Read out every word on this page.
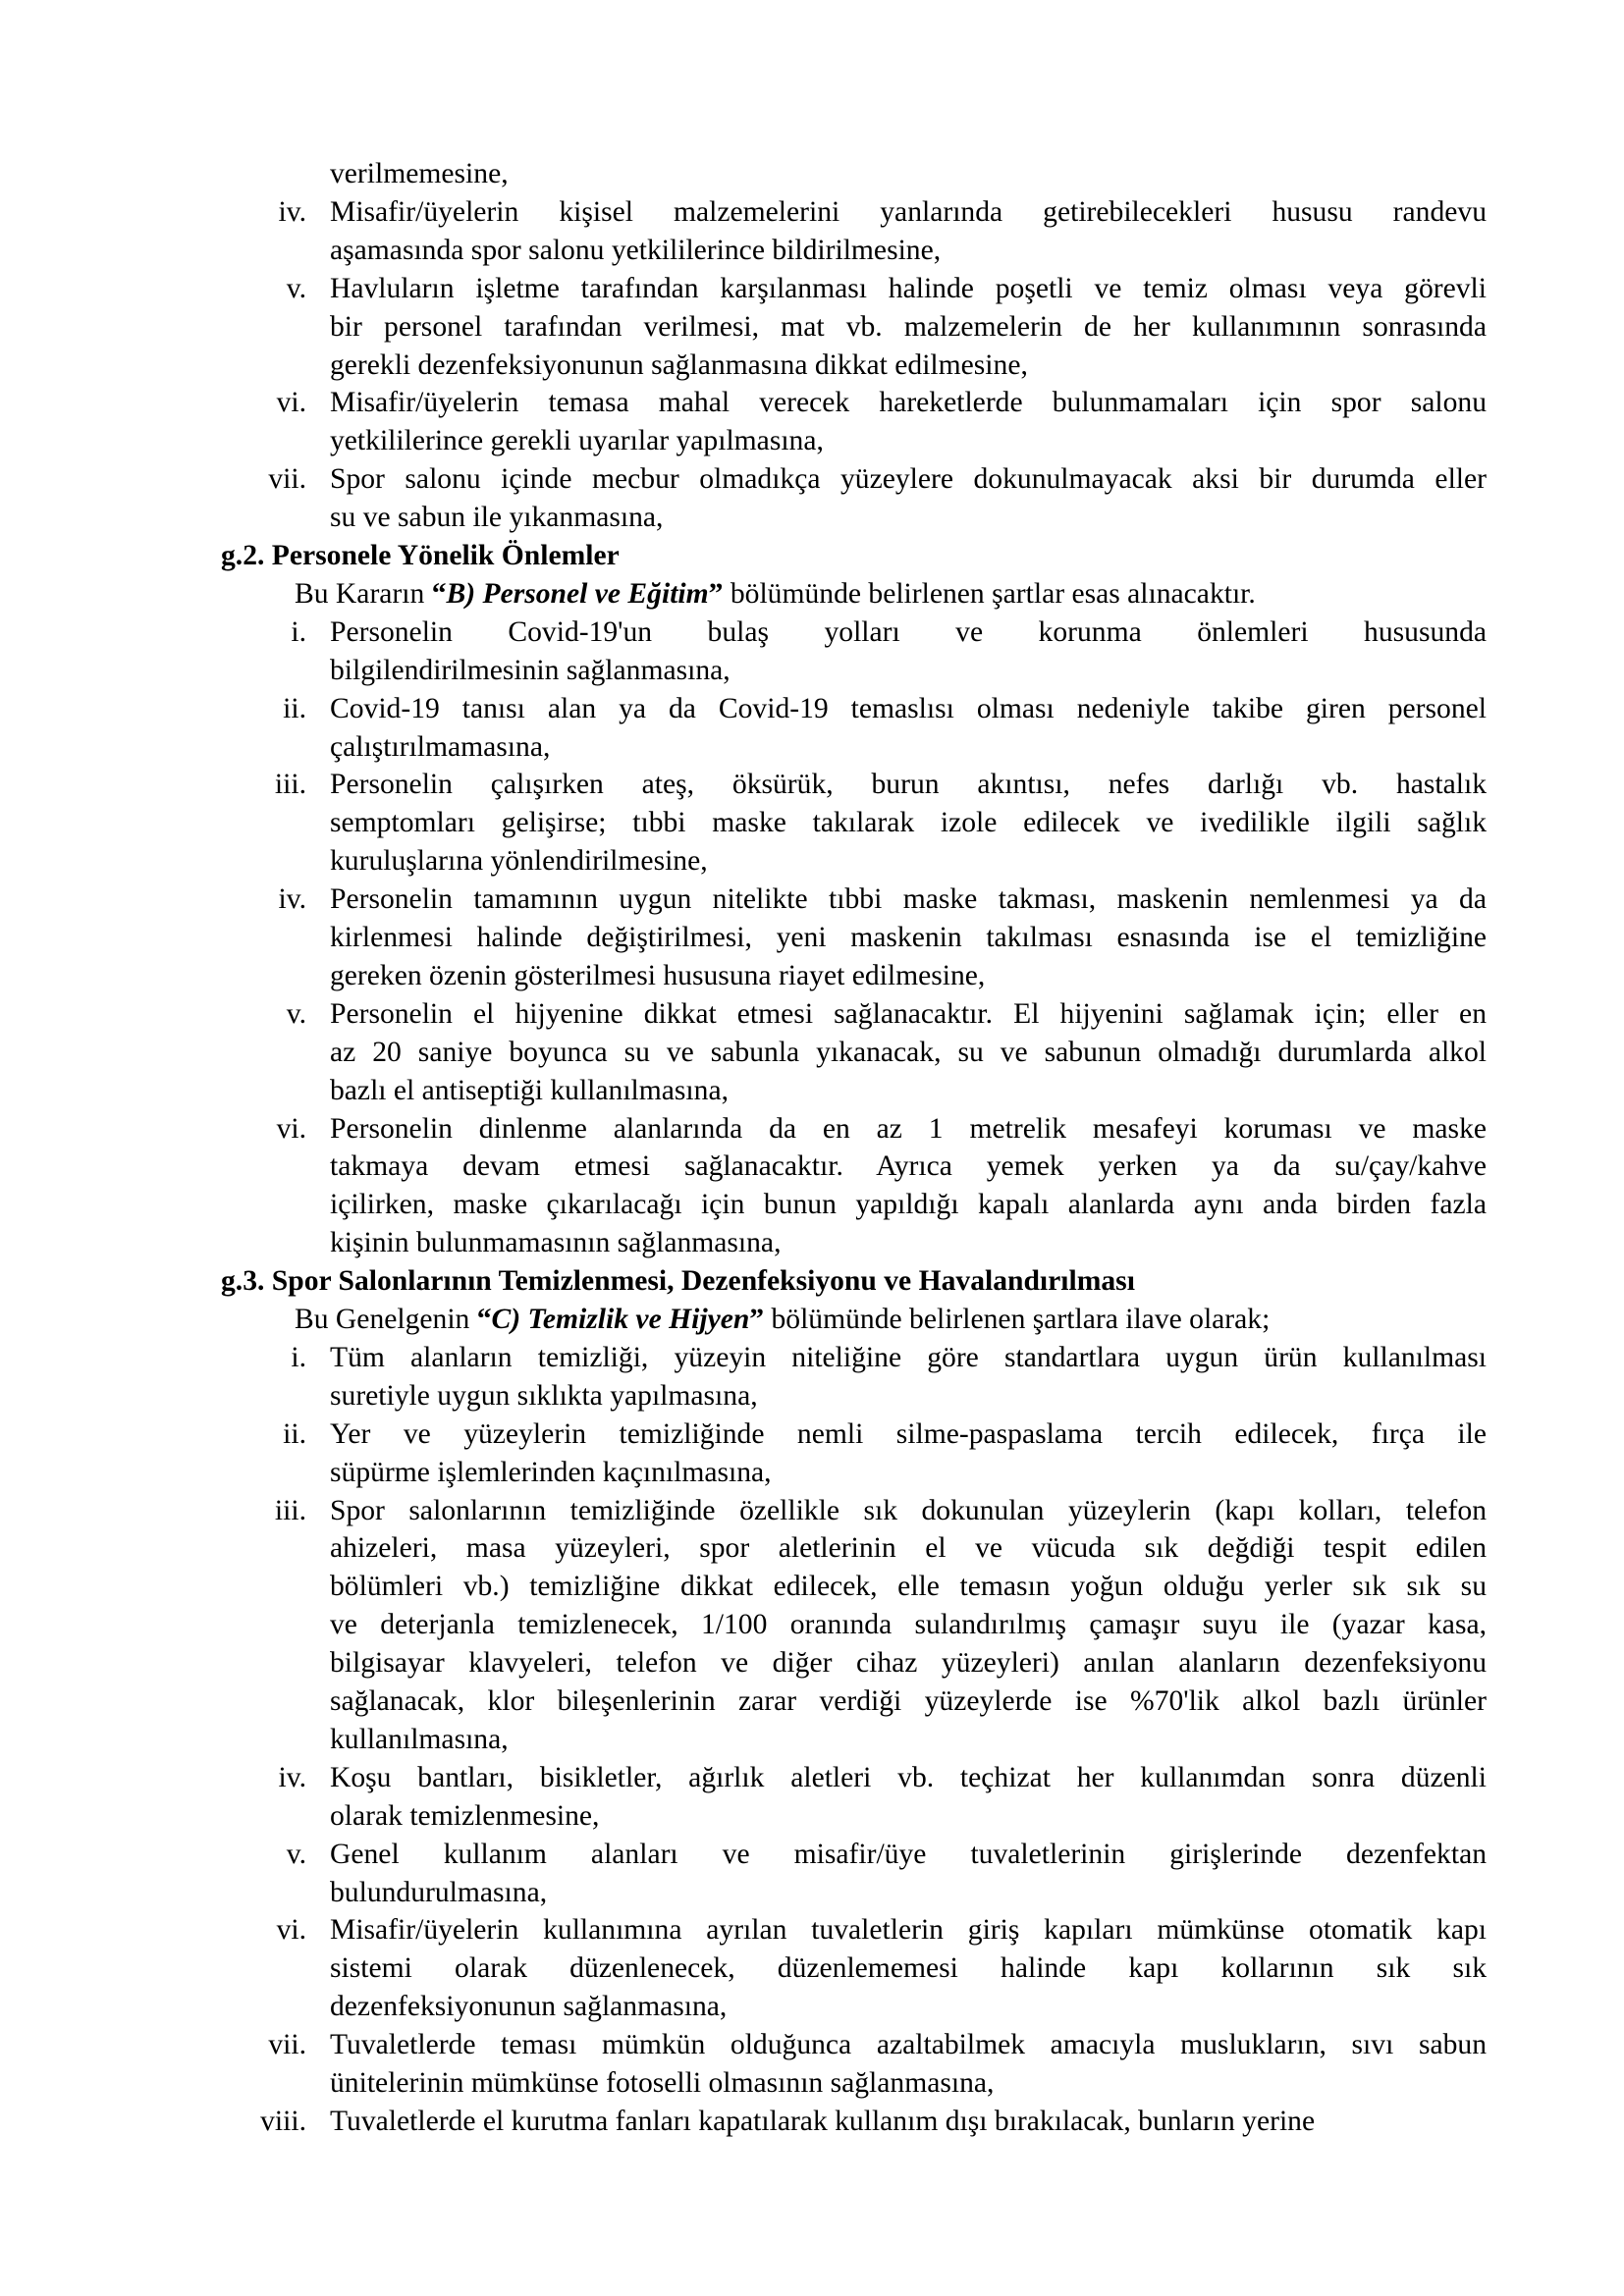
verilmemesine,
iv. Misafir/üyelerin kişisel malzemelerini yanlarında getirebilecekleri hususu randevu
aşamasında spor salonu yetkililerince bildirilmesine,
v. Havluların işletme tarafından karşılanması halinde poşetli ve temiz olması veya görevli
bir personel tarafından verilmesi, mat vb. malzemelerin de her kullanımının sonrasında
gerekli dezenfeksiyonunun sağlanmasına dikkat edilmesine,
vi. Misafir/üyelerin temasa mahal verecek hareketlerde bulunmamaları için spor salonu
yetkililerince gerekli uyarılar yapılmasına,
vii. Spor salonu içinde mecbur olmadıkça yüzeylere dokunulmayacak aksi bir durumda eller
su ve sabun ile yıkanmasına,
g.2. Personele Yönelik Önlemler
Bu Kararın “B) Personel ve Eğitim” bölümünde belirlenen şartlar esas alınacaktır.
i. Personelin Covid-19'un bulaş yolları ve korunma önlemleri hususunda
bilgilendirilmesinin sağlanmasına,
ii. Covid-19 tanısı alan ya da Covid-19 temaslısı olması nedeniyle takibe giren personel
çalıştırılmamasına,
iii. Personelin çalışırken ateş, öksürük, burun akıntısı, nefes darlığı vb. hastalık
semptomları gelişirse; tıbbi maske takılarak izole edilecek ve ivedilikle ilgili sağlık
kuruluşlarına yönlendirilmesine,
iv. Personelin tamamının uygun nitelikte tıbbi maske takması, maskenin nemlenmesi ya da
kirlenmesi halinde değiştirilmesi, yeni maskenin takılması esnasında ise el temizliğine
gereken özenin gösterilmesi hususuna riayet edilmesine,
v. Personelin el hijyenine dikkat etmesi sağlanacaktır. El hijyenini sağlamak için; eller en
az 20 saniye boyunca su ve sabunla yıkanacak, su ve sabunun olmadığı durumlarda alkol
bazlı el antiseptiği kullanılmasına,
vi. Personelin dinlenme alanlarında da en az 1 metrelik mesafeyi koruması ve maske
takmaya devam etmesi sağlanacaktır. Ayrıca yemek yerken ya da su/çay/kahve
içilirken, maske çıkarılacağı için bunun yapıldığı kapalı alanlarda aynı anda birden fazla
kişinin bulunmamasının sağlanmasına,
g.3. Spor Salonlarının Temizlenmesi, Dezenfeksiyonu ve Havalandırılması
Bu Genelgenin “C) Temizlik ve Hijyen” bölümünde belirlenen şartlara ilave olarak;
i. Tüm alanların temizliği, yüzeyin niteliğine göre standartlara uygun ürün kullanılması
suretiyle uygun sıklıkta yapılmasına,
ii. Yer ve yüzeylerin temizliğinde nemli silme-paspaslama tercih edilecek, fırça ile
süpürme işlemlerinden kaçınılmasına,
iii. Spor salonlarının temizliğinde özellikle sık dokunulan yüzeylerin (kapı kolları, telefon
ahizeleri, masa yüzeyleri, spor aletlerinin el ve vücuda sık değdiği tespit edilen
bölümleri vb.) temizliğine dikkat edilecek, elle temasın yoğun olduğu yerler sık sık su
ve deterjanla temizlenecek, 1/100 oranında sulandırılmış çamaşır suyu ile (yazar kasa,
bilgisayar klavyeleri, telefon ve diğer cihaz yüzeyleri) anılan alanların dezenfeksiyonu
sağlanacak, klor bileşenlerinin zarar verdiği yüzeylerde ise %70'lik alkol bazlı ürünler
kullanılmasına,
iv. Koşu bantları, bisikletler, ağırlık aletleri vb. teçhizat her kullanımdan sonra düzenli
olarak temizlenmesine,
v. Genel kullanım alanları ve misafir/üye tuvaletlerinin girişlerinde dezenfektan
bulundurulmasına,
vi. Misafir/üyelerin kullanımına ayrılan tuvaletlerin giriş kapıları mümkünse otomatik kapı
sistemi olarak düzenlenecek, düzenlememesi halinde kapı kollarının sık sık
dezenfeksiyonunun sağlanmasına,
vii. Tuvaletlerde teması mümkün olduğunca azaltabilmek amacıyla muslukların, sıvı sabun
ünitelerinin mümkünse fotoselli olmasının sağlanmasına,
viii. Tuvaletlerde el kurutma fanları kapatılarak kullanım dışı bırakılacak, bunların yerine
